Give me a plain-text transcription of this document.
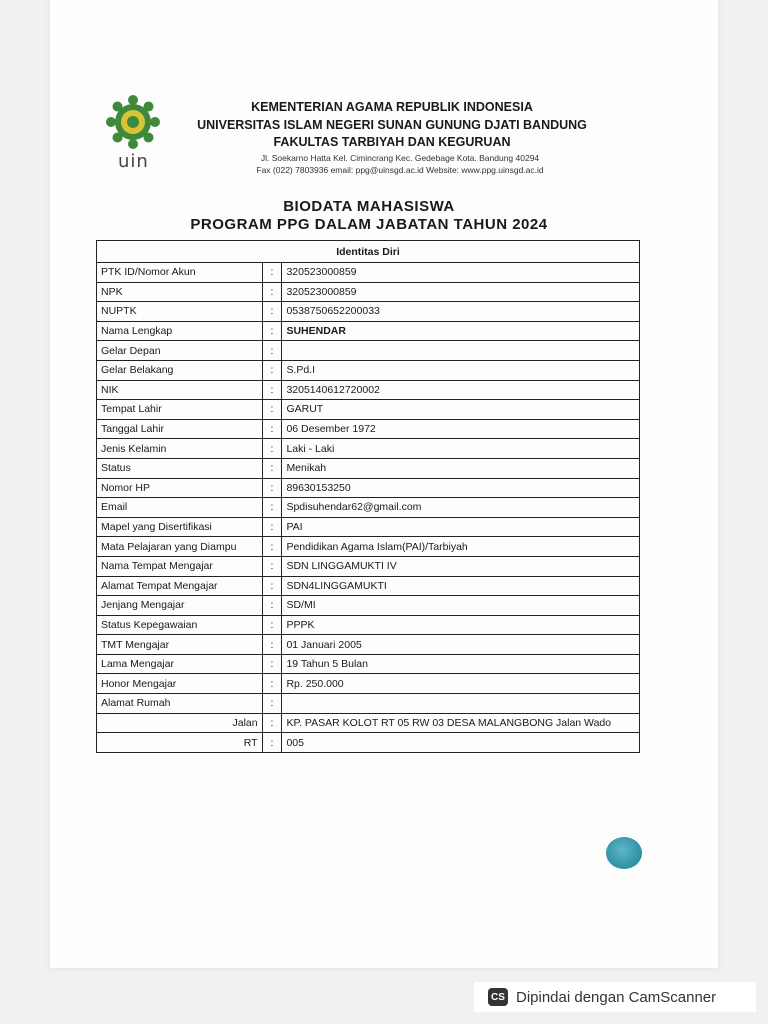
uin
KEMENTERIAN AGAMA REPUBLIK INDONESIA
UNIVERSITAS ISLAM NEGERI SUNAN GUNUNG DJATI BANDUNG
FAKULTAS TARBIYAH DAN KEGURUAN
Jl. Soekarno Hatta Kel. Cimincrang Kec. Gedebage Kota. Bandung 40294
Fax (022) 7803936 email: ppg@uinsgd.ac.id Website: www.ppg.uinsgd.ac.id
BIODATA MAHASISWA
PROGRAM PPG DALAM JABATAN TAHUN 2024
Identitas Diri		
PTK ID/Nomor Akun	:	320523000859
NPK	:	320523000859
NUPTK	:	0538750652200033
Nama Lengkap	:	SUHENDAR
Gelar Depan	:	
Gelar Belakang	:	S.Pd.I
NIK	:	3205140612720002
Tempat Lahir	:	GARUT
Tanggal Lahir	:	06 Desember 1972
Jenis Kelamin	:	Laki - Laki
Status	:	Menikah
Nomor HP	:	89630153250
Email	:	Spdisuhendar62@gmail.com
Mapel yang Disertifikasi	:	PAI
Mata Pelajaran yang Diampu	:	Pendidikan Agama Islam(PAI)/Tarbiyah
Nama Tempat Mengajar	:	SDN LINGGAMUKTI IV
Alamat Tempat Mengajar	:	SDN4LINGGAMUKTI
Jenjang Mengajar	:	SD/MI
Status Kepegawaian	:	PPPK
TMT Mengajar	:	01 Januari 2005
Lama Mengajar	:	19 Tahun 5 Bulan
Honor Mengajar	:	Rp. 250.000
Alamat Rumah	:	
Jalan	:	KP. PASAR KOLOT RT 05 RW 03 DESA MALANGBONG Jalan Wado
RT	:	005
CS Dipindai dengan CamScanner
